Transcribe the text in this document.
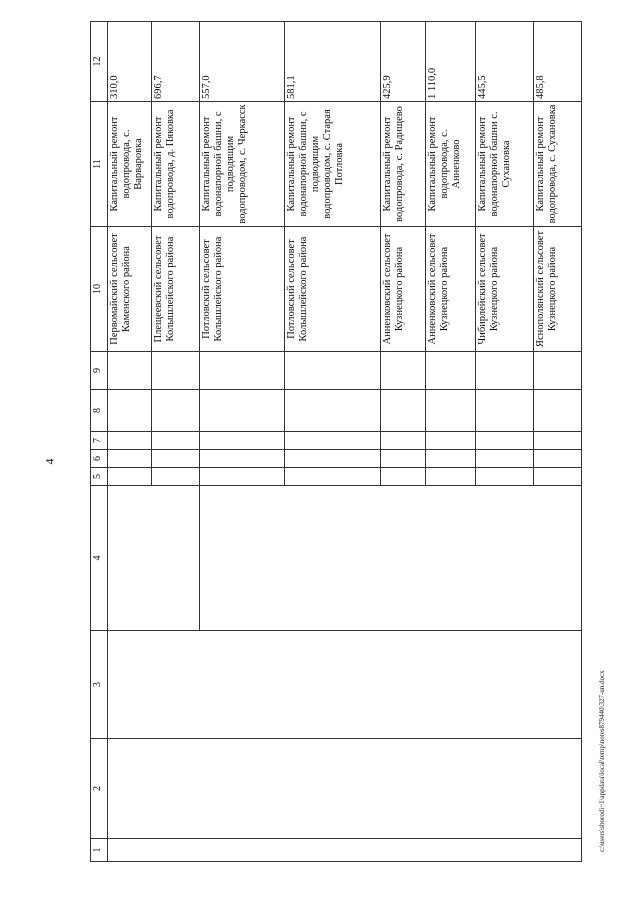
4
1	2	3	4	5	6	7	8	9	10	11	12
									Первомайский сельсовет Каменского района	Капитальный ремонт водопровода, с. Варваровка	310,0
									Плещеевский сельсовет Колышлейского района	Капитальный ремонт водопровода, д. Пяковка	696,7
									Потловский сельсовет Колышлейского района	Капитальный ремонт водонапорной башни, с подводящим водопроводом, с. Черкасск	557,0
									Потловский сельсовет Колышлейского района	Капитальный ремонт водонапорной башни, с подводящим водопроводом, с. Старая Потловка	581,1
									Анненковский сельсовет Кузнецкого района	Капитальный ремонт водопровода, с. Радищево	425,9
									Анненковский сельсовет Кузнецкого района	Капитальный ремонт водопровода, с. Анненково	1 110,0
									Чибирлейский сельсовет Кузнецкого района	Капитальный ремонт водонапорной башни с. Сухановка	445,5
									Яснополянский сельсовет Кузнецкого района	Капитальный ремонт водопровода, с. Сухановка	485,8
c:\users\sborodi~1\appdata\local\temp\notes879440\327-un.docx
